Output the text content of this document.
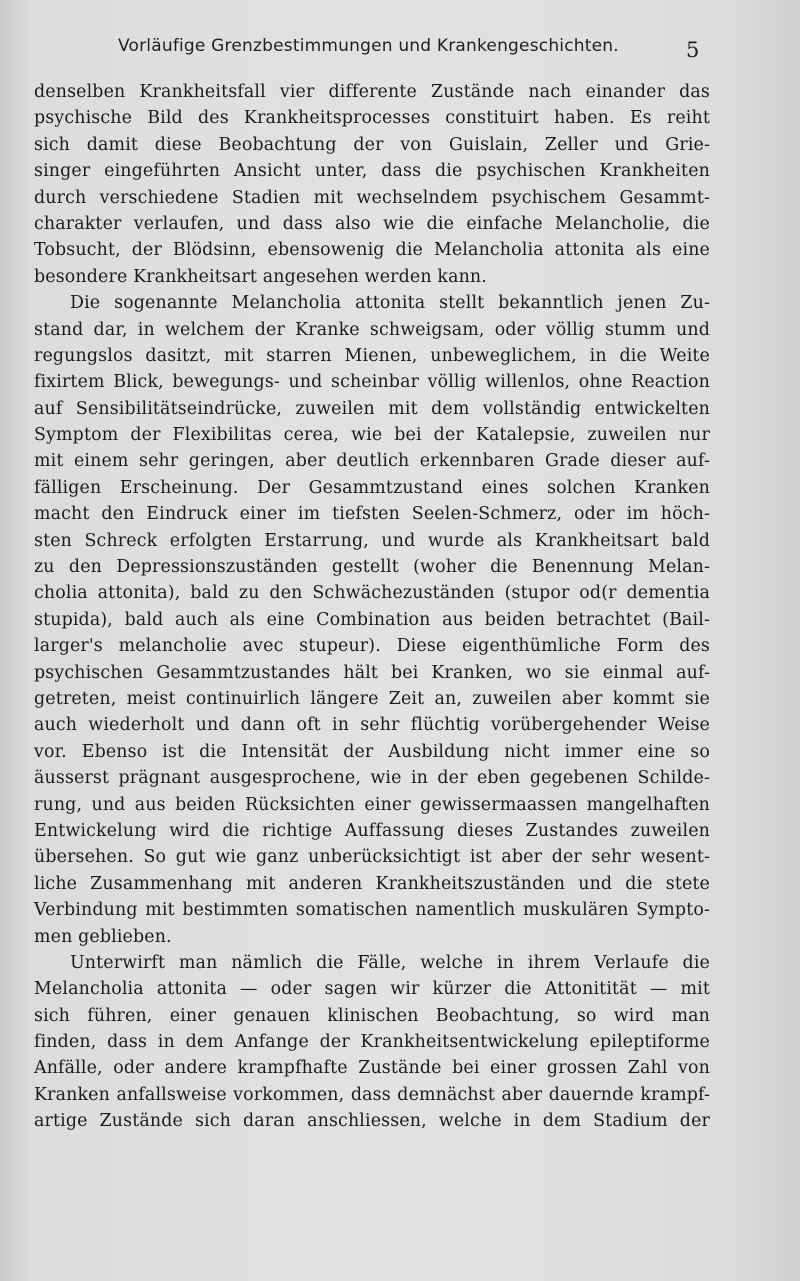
Vorläufige Grenzbestimmungen und Krankengeschichten.	5
denselben Krankheitsfall vier differente Zustände nach einander das
psychische Bild des Krankheitsprocesses constituirt haben. Es reiht
sich damit diese Beobachtung der von Guislain, Zeller und Grie-
singer eingeführten Ansicht unter, dass die psychischen Krankheiten
durch verschiedene Stadien mit wechselndem psychischem Gesammt-
charakter verlaufen, und dass also wie die einfache Melancholie, die
Tobsucht, der Blödsinn, ebensowenig die Melancholia attonita als eine
besondere Krankheitsart angesehen werden kann.
Die sogenannte Melancholia attonita stellt bekanntlich jenen Zu-
stand dar, in welchem der Kranke schweigsam, oder völlig stumm und
regungslos dasitzt, mit starren Mienen, unbeweglichem, in die Weite
fixirtem Blick, bewegungs- und scheinbar völlig willenlos, ohne Reaction
auf Sensibilitätseindrücke, zuweilen mit dem vollständig entwickelten
Symptom der Flexibilitas cerea, wie bei der Katalepsie, zuweilen nur
mit einem sehr geringen, aber deutlich erkennbaren Grade dieser auf-
fälligen Erscheinung. Der Gesammtzustand eines solchen Kranken
macht den Eindruck einer im tiefsten Seelen-Schmerz, oder im höch-
sten Schreck erfolgten Erstarrung, und wurde als Krankheitsart bald
zu den Depressionszuständen gestellt (woher die Benennung Melan-
cholia attonita), bald zu den Schwächezuständen (stupor od(r dementia
stupida), bald auch als eine Combination aus beiden betrachtet (Bail-
larger's melancholie avec stupeur). Diese eigenthümliche Form des
psychischen Gesammtzustandes hält bei Kranken, wo sie einmal auf-
getreten, meist continuirlich längere Zeit an, zuweilen aber kommt sie
auch wiederholt und dann oft in sehr flüchtig vorübergehender Weise
vor. Ebenso ist die Intensität der Ausbildung nicht immer eine so
äusserst prägnant ausgesprochene, wie in der eben gegebenen Schilde-
rung, und aus beiden Rücksichten einer gewissermaassen mangelhaften
Entwickelung wird die richtige Auffassung dieses Zustandes zuweilen
übersehen. So gut wie ganz unberücksichtigt ist aber der sehr wesent-
liche Zusammenhang mit anderen Krankheitszuständen und die stete
Verbindung mit bestimmten somatischen namentlich muskulären Sympto-
men geblieben.
Unterwirft man nämlich die Fälle, welche in ihrem Verlaufe die
Melancholia attonita — oder sagen wir kürzer die Attonitität — mit
sich führen, einer genauen klinischen Beobachtung, so wird man
finden, dass in dem Anfange der Krankheitsentwickelung epileptiforme
Anfälle, oder andere krampfhafte Zustände bei einer grossen Zahl von
Kranken anfallsweise vorkommen, dass demnächst aber dauernde krampf-
artige Zustände sich daran anschliessen, welche in dem Stadium der
